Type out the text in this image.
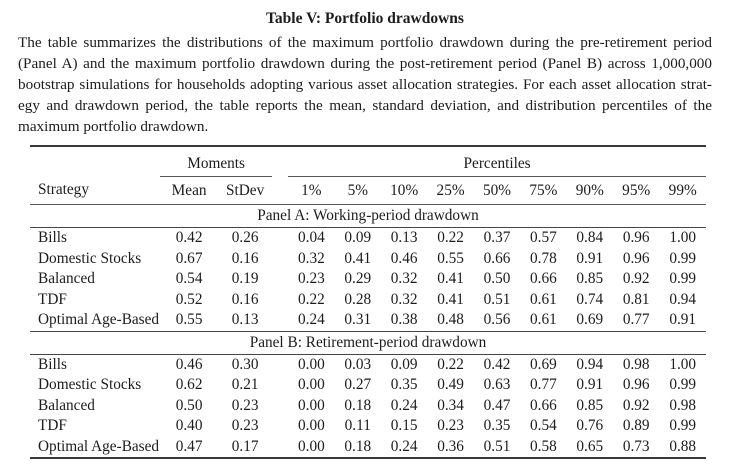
Table V: Portfolio drawdowns
The table summarizes the distributions of the maximum portfolio drawdown during the pre-retirement period
(Panel A) and the maximum portfolio drawdown during the post-retirement period (Panel B) across 1,000,000
bootstrap simulations for households adopting various asset allocation strategies. For each asset allocation strat-
egy and drawdown period, the table reports the mean, standard deviation, and distribution percentiles of the
maximum portfolio drawdown.
	Moments			Percentiles								
Strategy	Mean	StDev		1%	5%	10%	25%	50%	75%	90%	95%	99%
Panel A: Working-period drawdown												
Bills	0.42	0.26		0.04	0.09	0.13	0.22	0.37	0.57	0.84	0.96	1.00
Domestic Stocks	0.67	0.16		0.32	0.41	0.46	0.55	0.66	0.78	0.91	0.96	0.99
Balanced	0.54	0.19		0.23	0.29	0.32	0.41	0.50	0.66	0.85	0.92	0.99
TDF	0.52	0.16		0.22	0.28	0.32	0.41	0.51	0.61	0.74	0.81	0.94
Optimal Age-Based	0.55	0.13		0.24	0.31	0.38	0.48	0.56	0.61	0.69	0.77	0.91
Panel B: Retirement-period drawdown												
Bills	0.46	0.30		0.00	0.03	0.09	0.22	0.42	0.69	0.94	0.98	1.00
Domestic Stocks	0.62	0.21		0.00	0.27	0.35	0.49	0.63	0.77	0.91	0.96	0.99
Balanced	0.50	0.23		0.00	0.18	0.24	0.34	0.47	0.66	0.85	0.92	0.98
TDF	0.40	0.23		0.00	0.11	0.15	0.23	0.35	0.54	0.76	0.89	0.99
Optimal Age-Based	0.47	0.17		0.00	0.18	0.24	0.36	0.51	0.58	0.65	0.73	0.88
